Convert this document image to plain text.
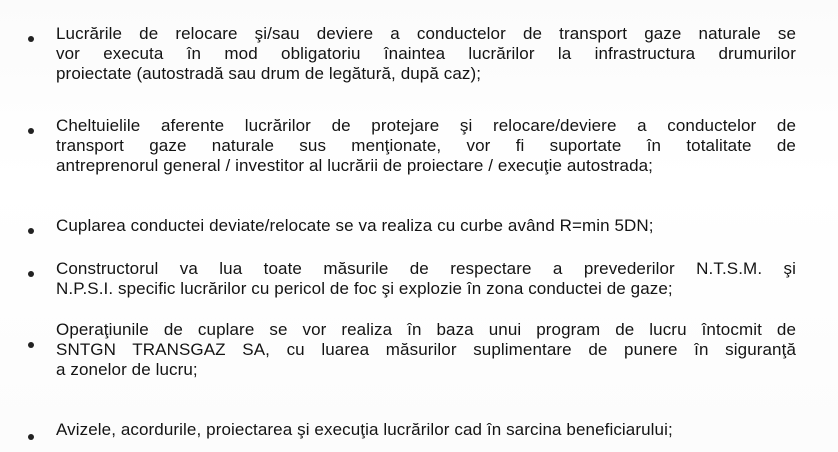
Lucrările de relocare şi/sau deviere a conductelor de transport gaze naturale se
vor executa în mod obligatoriu înaintea lucrărilor la infrastructura drumurilor
proiectate (autostradă sau drum de legătură, după caz);
Cheltuielile aferente lucrărilor de protejare şi relocare/deviere a conductelor de
transport gaze naturale sus menţionate, vor fi suportate în totalitate de
antreprenorul general / investitor al lucrării de proiectare / execuţie autostrada;
Cuplarea conductei deviate/relocate se va realiza cu curbe având R=min 5DN;
Constructorul va lua toate măsurile de respectare a prevederilor N.T.S.M. şi
N.P.S.I. specific lucrărilor cu pericol de foc şi explozie în zona conductei de gaze;
Operaţiunile de cuplare se vor realiza în baza unui program de lucru întocmit de
SNTGN TRANSGAZ SA, cu luarea măsurilor suplimentare de punere în siguranţă
a zonelor de lucru;
Avizele, acordurile, proiectarea şi execuţia lucrărilor cad în sarcina beneficiarului;
